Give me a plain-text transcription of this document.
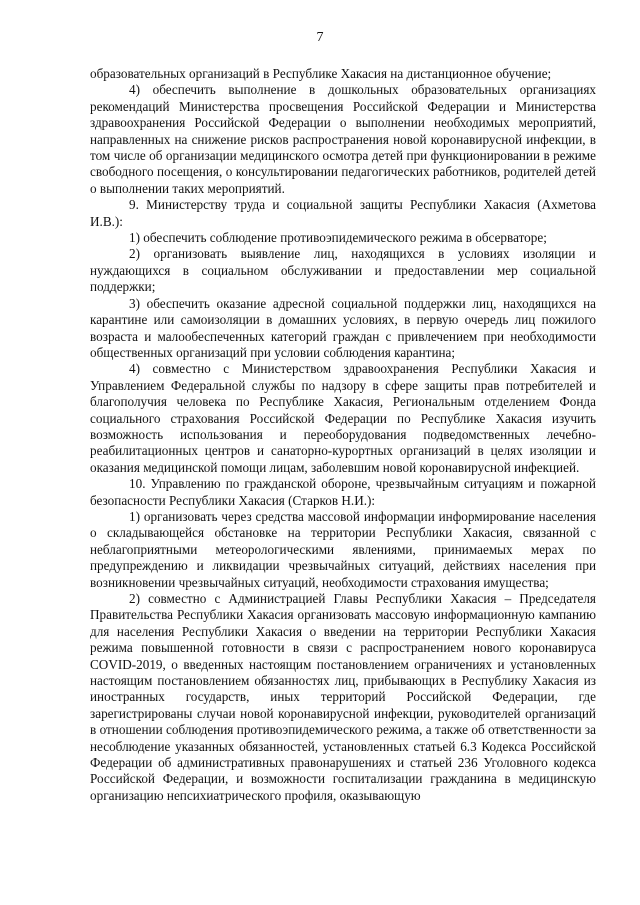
7

образовательных организаций в Республике Хакасия на дистанционное обучение;

4) обеспечить выполнение в дошкольных образовательных организациях рекомендаций Министерства просвещения Российской Федерации и Министерства здравоохранения Российской Федерации о выполнении необходимых мероприятий, направленных на снижение рисков распространения новой коронавирусной инфекции, в том числе об организации медицинского осмотра детей при функционировании в режиме свободного посещения, о консультировании педагогических работников, родителей детей о выполнении таких мероприятий.

9. Министерству труда и социальной защиты Республики Хакасия (Ахметова И.В.):

1) обеспечить соблюдение противоэпидемического режима в обсерваторе;

2) организовать выявление лиц, находящихся в условиях изоляции и нуждающихся в социальном обслуживании и предоставлении мер социальной поддержки;

3) обеспечить оказание адресной социальной поддержки лиц, находящихся на карантине или самоизоляции в домашних условиях, в первую очередь лиц пожилого возраста и малообеспеченных категорий граждан с привлечением при необходимости общественных организаций при условии соблюдения карантина;

4) совместно с Министерством здравоохранения Республики Хакасия и Управлением Федеральной службы по надзору в сфере защиты прав потребителей и благополучия человека по Республике Хакасия, Региональным отделением Фонда социального страхования Российской Федерации по Республике Хакасия изучить возможность использования и переоборудования подведомственных лечебно-реабилитационных центров и санаторно-курортных организаций в целях изоляции и оказания медицинской помощи лицам, заболевшим новой коронавирусной инфекцией.

10. Управлению по гражданской обороне, чрезвычайным ситуациям и пожарной безопасности Республики Хакасия (Старков Н.И.):

1) организовать через средства массовой информации информирование населения о складывающейся обстановке на территории Республики Хакасия, связанной с неблагоприятными метеорологическими явлениями, принимаемых мерах по предупреждению и ликвидации чрезвычайных ситуаций, действиях населения при возникновении чрезвычайных ситуаций, необходимости страхования имущества;

2) совместно с Администрацией Главы Республики Хакасия – Председателя Правительства Республики Хакасия организовать массовую информационную кампанию для населения Республики Хакасия о введении на территории Республики Хакасия режима повышенной готовности в связи с распространением нового коронавируса COVID-2019, о введенных настоящим постановлением ограничениях и установленных настоящим постановлением обязанностях лиц, прибывающих в Республику Хакасия из иностранных государств, иных территорий Российской Федерации, где зарегистрированы случаи новой коронавирусной инфекции, руководителей организаций в отношении соблюдения противоэпидемического режима, а также об ответственности за несоблюдение указанных обязанностей, установленных статьей 6.3 Кодекса Российской Федерации об административных правонарушениях и статьей 236 Уголовного кодекса Российской Федерации, и возможности госпитализации гражданина в медицинскую организацию непсихиатрического профиля, оказывающую
